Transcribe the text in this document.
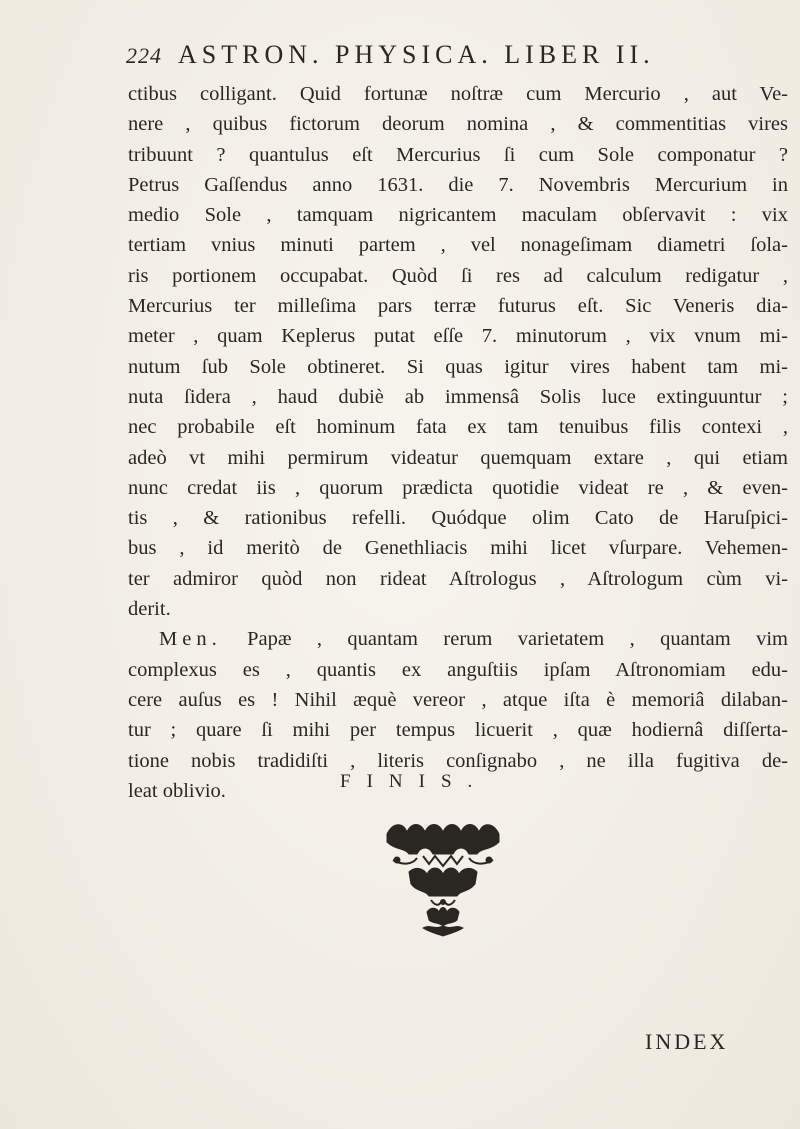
224 ASTRON. PHYSICA. LIBER II.
ctibus colligant. Quid fortunæ noſtræ cum Mercurio , aut Ve-
nere , quibus fictorum deorum nomina , & commentitias vires
tribuunt ? quantulus eſt Mercurius ſi cum Sole componatur ?
Petrus Gaſſendus anno 1631. die 7. Novembris Mercurium in
medio Sole , tamquam nigricantem maculam obſervavit : vix
tertiam vnius minuti partem , vel nonageſimam diametri ſola-
ris portionem occupabat. Quòd ſi res ad calculum redigatur ,
Mercurius ter milleſima pars terræ futurus eſt. Sic Veneris dia-
meter , quam Keplerus putat eſſe 7. minutorum , vix vnum mi-
nutum ſub Sole obtineret. Si quas igitur vires habent tam mi-
nuta ſidera , haud dubiè ab immensâ Solis luce extinguuntur ;
nec probabile eſt hominum fata ex tam tenuibus filis contexi ,
adeò vt mihi permirum videatur quemquam extare , qui etiam
nunc credat iis , quorum prædicta quotidie videat re , & even-
tis , & rationibus refelli. Quódque olim Cato de Haruſpici-
bus , id meritò de Genethliacis mihi licet vſurpare. Vehemen-
ter admiror quòd non rideat Aſtrologus , Aſtrologum cùm vi-
derit.
Men. Papæ , quantam rerum varietatem , quantam vim
complexus es , quantis ex anguſtiis ipſam Aſtronomiam edu-
cere auſus es ! Nihil æquè vereor , atque iſta è memoriâ dilaban-
tur ; quare ſi mihi per tempus licuerit , quæ hodiernâ diſſerta-
tione nobis tradidiſti , literis conſignabo , ne illa fugitiva de-
leat oblivio.	FINIS.
INDEX
